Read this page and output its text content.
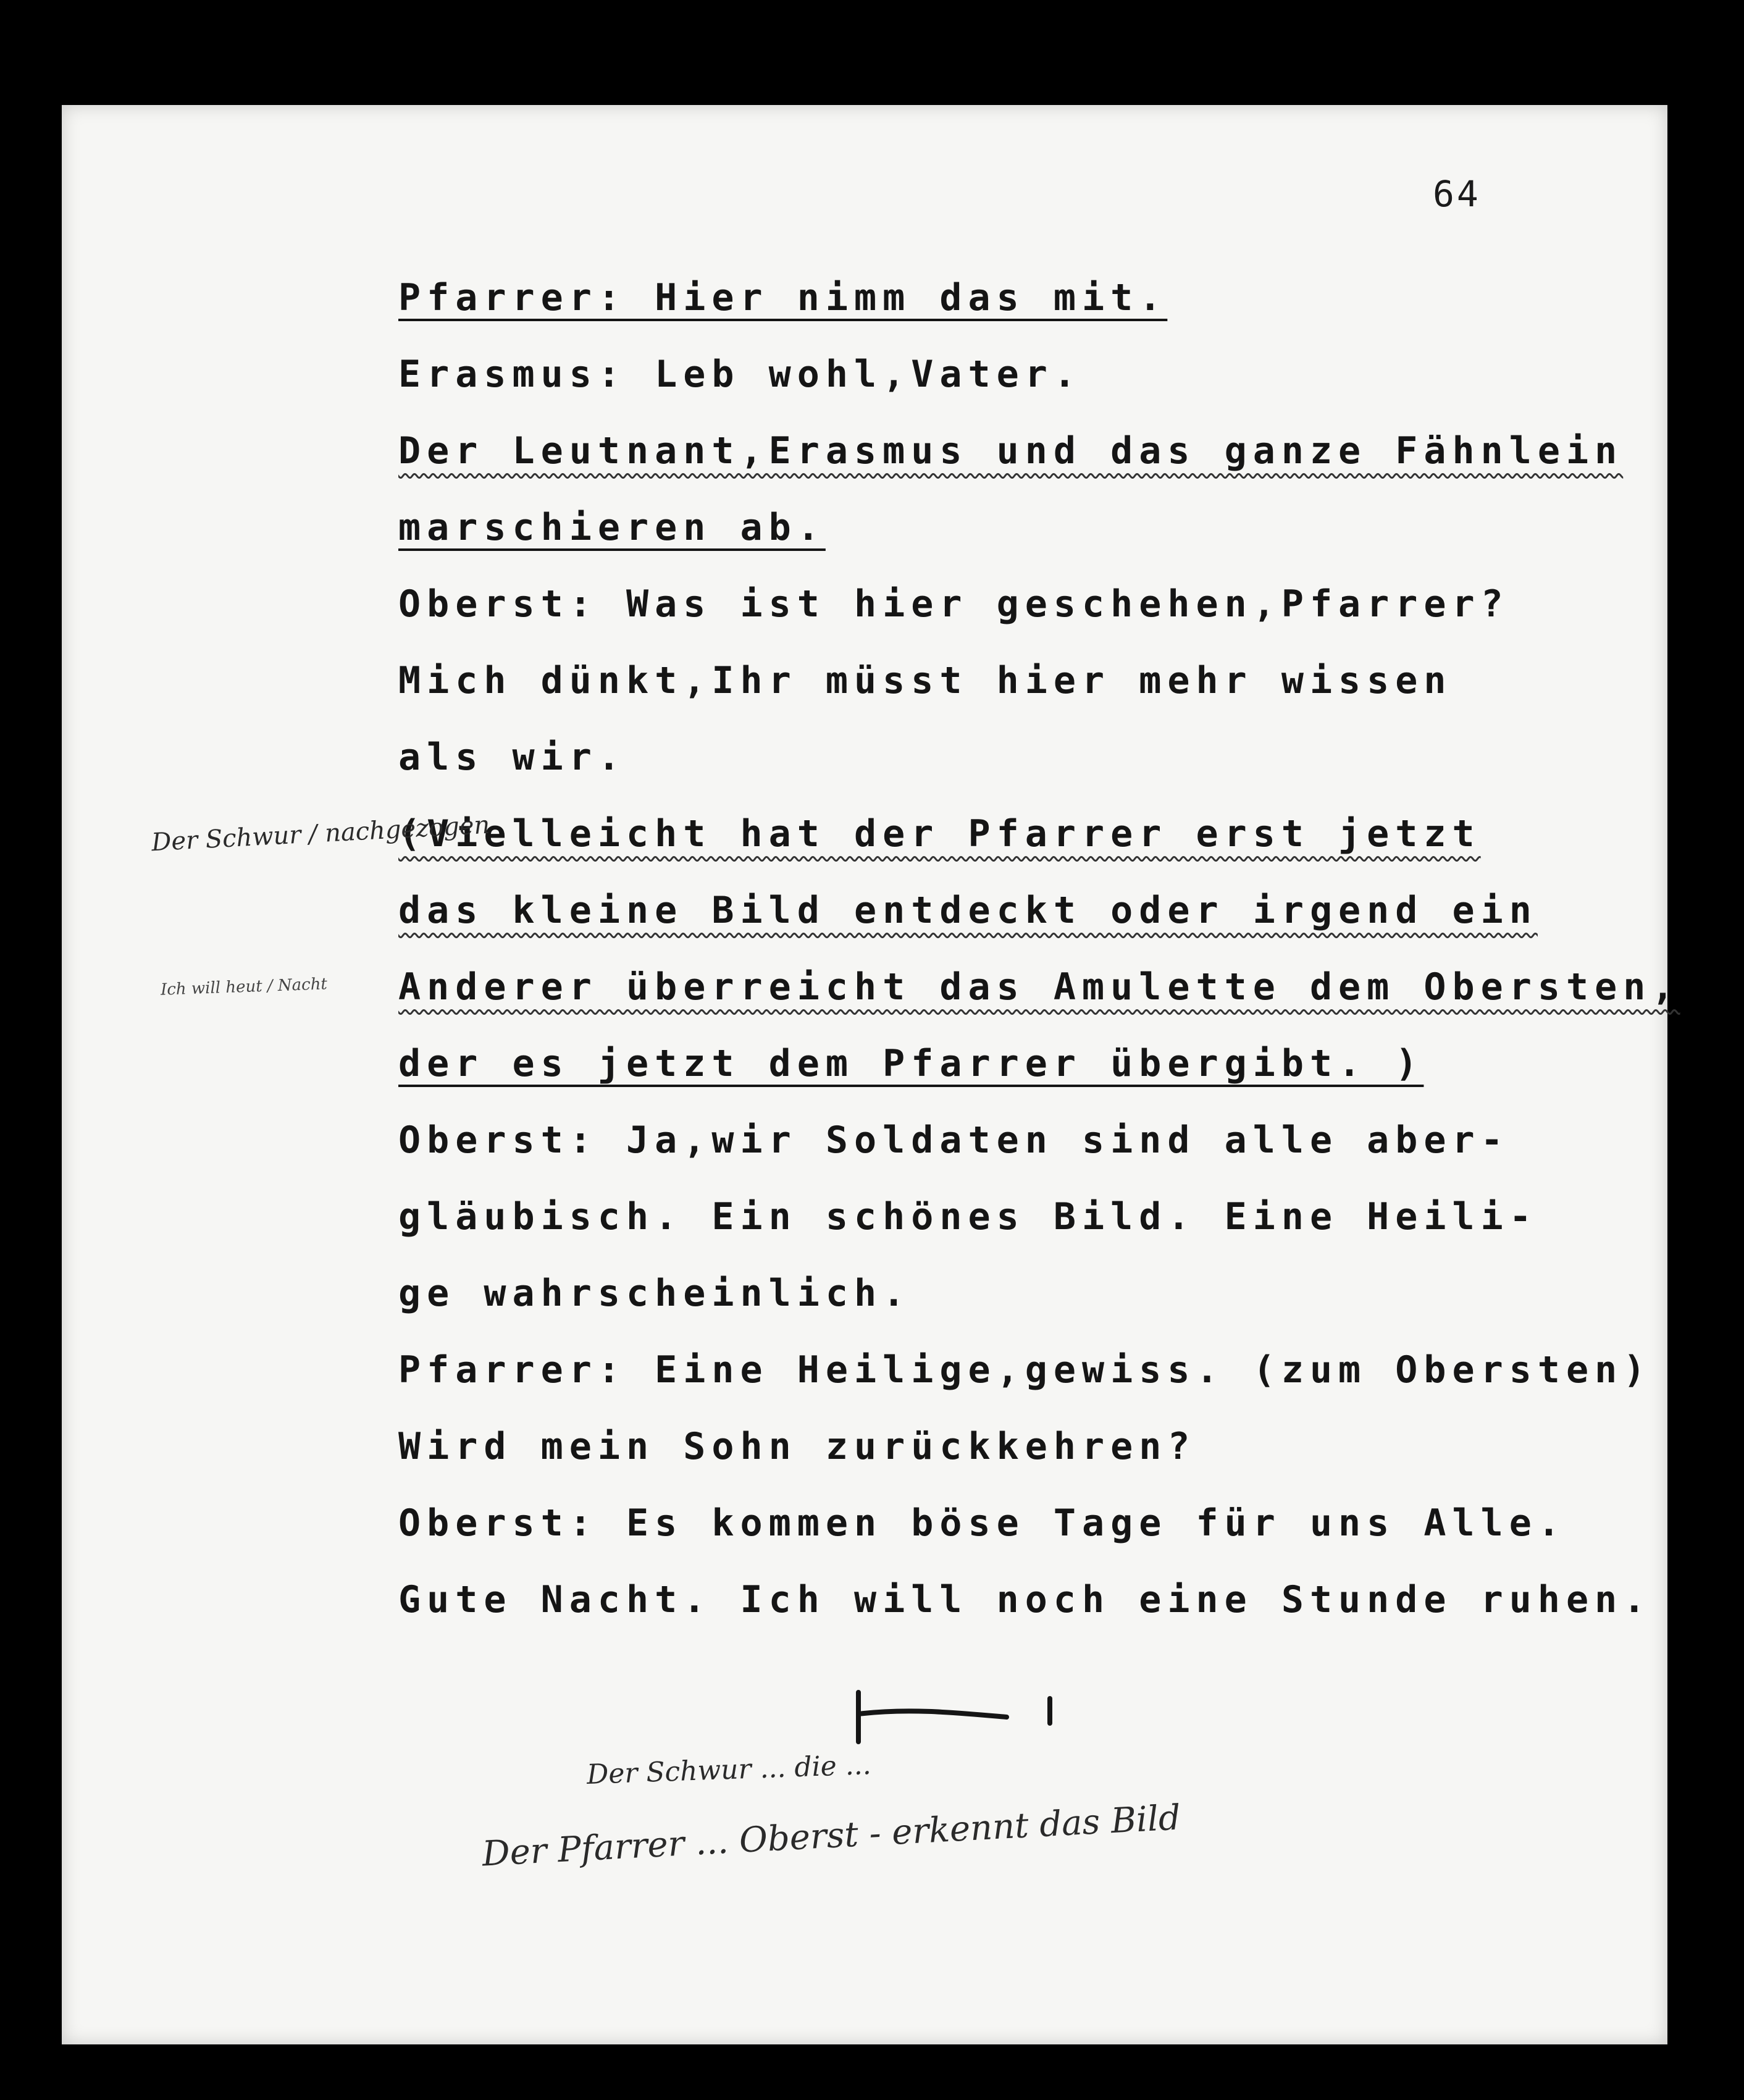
64
Pfarrer: Hier nimm das mit.
Erasmus: Leb wohl,Vater.
Der Leutnant,Erasmus und das ganze Fähnlein
marschieren ab.
Oberst: Was ist hier geschehen,Pfarrer?
Mich dünkt,Ihr müsst hier mehr wissen
als wir.
(Vielleicht hat der Pfarrer erst jetzt
das kleine Bild entdeckt oder irgend ein
Anderer überreicht das Amulette dem Obersten,
der es jetzt dem Pfarrer übergibt. )
Oberst: Ja,wir Soldaten sind alle aber-
gläubisch. Ein schönes Bild. Eine Heili-
ge wahrscheinlich.
Pfarrer: Eine Heilige,gewiss. (zum Obersten)
Wird mein Sohn zurückkehren?
Oberst: Es kommen böse Tage für uns Alle.
Gute Nacht. Ich will noch eine Stunde ruhen.
Der Schwur / nachgezogen
Ich will heut / Nacht
Der Schwur ... die ...
Der Pfarrer ... Oberst - erkennt das Bild
